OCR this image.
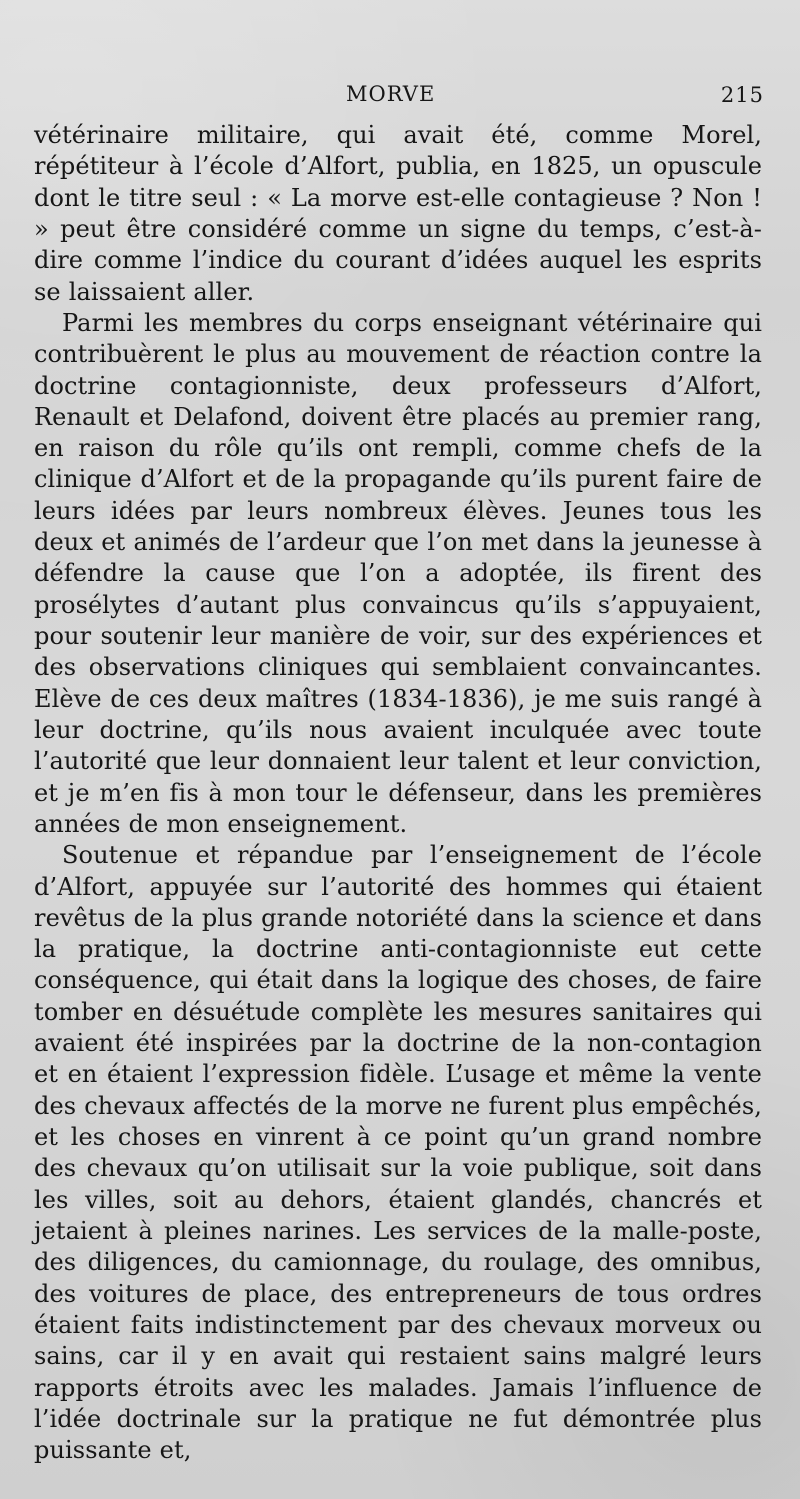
MORVE	215

vétérinaire militaire, qui avait été, comme Morel, répétiteur à l’école d’Alfort, publia, en 1825, un opuscule dont le titre seul : « La morve est-elle contagieuse ? Non ! » peut être considéré comme un signe du temps, c’est-à-dire comme l’indice du courant d’idées auquel les esprits se laissaient aller.

Parmi les membres du corps enseignant vétérinaire qui contribuèrent le plus au mouvement de réaction contre la doctrine contagionniste, deux professeurs d’Alfort, Renault et Delafond, doivent être placés au premier rang, en raison du rôle qu’ils ont rempli, comme chefs de la clinique d’Alfort et de la propagande qu’ils purent faire de leurs idées par leurs nombreux élèves. Jeunes tous les deux et animés de l’ardeur que l’on met dans la jeunesse à défendre la cause que l’on a adoptée, ils firent des prosélytes d’autant plus convaincus qu’ils s’appuyaient, pour soutenir leur manière de voir, sur des expériences et des observations cliniques qui semblaient convaincantes. Elève de ces deux maîtres (1834-1836), je me suis rangé à leur doctrine, qu’ils nous avaient inculquée avec toute l’autorité que leur donnaient leur talent et leur conviction, et je m’en fis à mon tour le défenseur, dans les premières années de mon enseignement.

Soutenue et répandue par l’enseignement de l’école d’Alfort, appuyée sur l’autorité des hommes qui étaient revêtus de la plus grande notoriété dans la science et dans la pratique, la doctrine anti-contagionniste eut cette conséquence, qui était dans la logique des choses, de faire tomber en désuétude complète les mesures sanitaires qui avaient été inspirées par la doctrine de la non-contagion et en étaient l’expression fidèle. L’usage et même la vente des chevaux affectés de la morve ne furent plus empêchés, et les choses en vinrent à ce point qu’un grand nombre des chevaux qu’on utilisait sur la voie publique, soit dans les villes, soit au dehors, étaient glandés, chancrés et jetaient à pleines narines. Les services de la malle-poste, des diligences, du camionnage, du roulage, des omnibus, des voitures de place, des entrepreneurs de tous ordres étaient faits indistinctement par des chevaux morveux ou sains, car il y en avait qui restaient sains malgré leurs rapports étroits avec les malades. Jamais l’influence de l’idée doctrinale sur la pratique ne fut démontrée plus puissante et,
